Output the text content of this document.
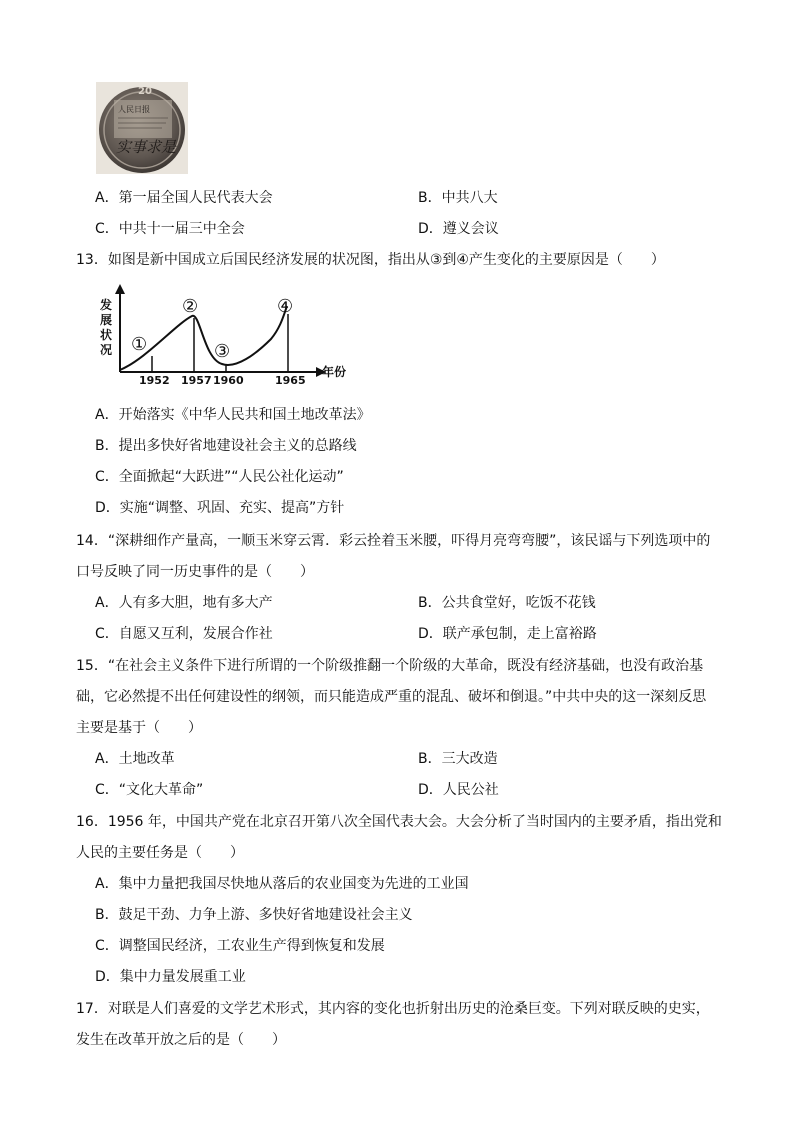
20
人民日报
实事求是
A．第一届全国人民代表大会	B．中共八大
C．中共十一届三中全会	D．遵义会议
13．如图是新中国成立后国民经济发展的状况图，指出从③到④产生变化的主要原因是（　　）
发
展
状
况
年份
1952 1957 1960	1965
①
②
③
④
A．开始落实《中华人民共和国土地改革法》
B．提出多快好省地建设社会主义的总路线
C．全面掀起“大跃进”“人民公社化运动”
D．实施“调整、巩固、充实、提高”方针
14．“深耕细作产量高，一顺玉米穿云霄．彩云拴着玉米腰，吓得月亮弯弯腰”，该民谣与下列选项中的
口号反映了同一历史事件的是（　　）
A．人有多大胆，地有多大产	B．公共食堂好，吃饭不花钱
C．自愿又互利，发展合作社	D．联产承包制，走上富裕路
15．“在社会主义条件下进行所谓的一个阶级推翻一个阶级的大革命，既没有经济基础，也没有政治基
础，它必然提不出任何建设性的纲领，而只能造成严重的混乱、破坏和倒退。”中共中央的这一深刻反思
主要是基于（　　）
A．土地改革	B．三大改造
C．“文化大革命”	D．人民公社
16．1956 年，中国共产党在北京召开第八次全国代表大会。大会分析了当时国内的主要矛盾，指出党和
人民的主要任务是（　　）
A．集中力量把我国尽快地从落后的农业国变为先进的工业国
B．鼓足干劲、力争上游、多快好省地建设社会主义
C．调整国民经济，工农业生产得到恢复和发展
D．集中力量发展重工业
17．对联是人们喜爱的文学艺术形式，其内容的变化也折射出历史的沧桑巨变。下列对联反映的史实，
发生在改革开放之后的是（　　）
